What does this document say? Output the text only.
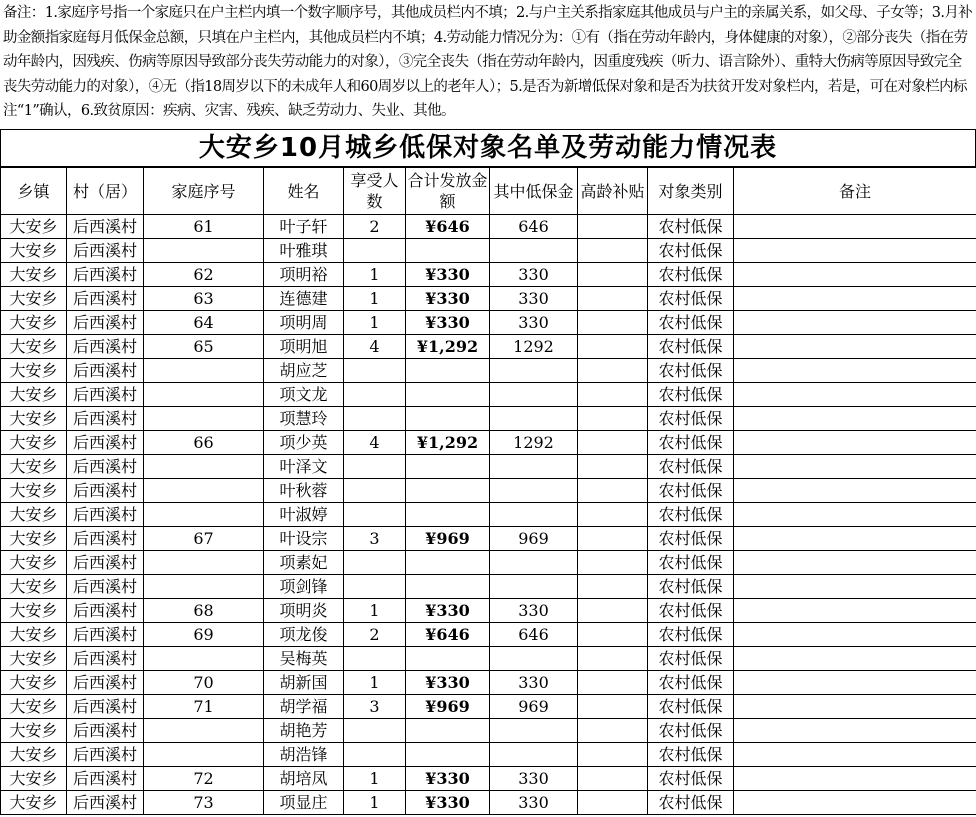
备注：1.家庭序号指一个家庭只在户主栏内填一个数字顺序号，其他成员栏内不填；2.与户主关系指家庭其他成员与户主的亲属关系，如父母、子女等；3.月补助金额指家庭每月低保金总额，只填在户主栏内，其他成员栏内不填；4.劳动能力情况分为：①有（指在劳动年龄内，身体健康的对象），②部分丧失（指在劳动年龄内，因残疾、伤病等原因导致部分丧失劳动能力的对象），③完全丧失（指在劳动年龄内，因重度残疾（听力、语言除外）、重特大伤病等原因导致完全丧失劳动能力的对象），④无（指18周岁以下的未成年人和60周岁以上的老年人）；5.是否为新增低保对象和是否为扶贫开发对象栏内，若是，可在对象栏内标注“1”确认，6.致贫原因：疾病、灾害、残疾、缺乏劳动力、失业、其他。
大安乡10月城乡低保对象名单及劳动能力情况表
乡镇	村（居）	家庭序号	姓名	享受人数	合计发放金额	其中低保金	高龄补贴	对象类别	备注
大安乡	后西溪村	61	叶子轩	2	¥646	646		农村低保	
大安乡	后西溪村		叶雅琪					农村低保	
大安乡	后西溪村	62	项明裕	1	¥330	330		农村低保	
大安乡	后西溪村	63	连德建	1	¥330	330		农村低保	
大安乡	后西溪村	64	项明周	1	¥330	330		农村低保	
大安乡	后西溪村	65	项明旭	4	¥1,292	1292		农村低保	
大安乡	后西溪村		胡应芝					农村低保	
大安乡	后西溪村		项文龙					农村低保	
大安乡	后西溪村		项慧玲					农村低保	
大安乡	后西溪村	66	项少英	4	¥1,292	1292		农村低保	
大安乡	后西溪村		叶泽文					农村低保	
大安乡	后西溪村		叶秋蓉					农村低保	
大安乡	后西溪村		叶淑婷					农村低保	
大安乡	后西溪村	67	叶设宗	3	¥969	969		农村低保	
大安乡	后西溪村		项素妃					农村低保	
大安乡	后西溪村		项剑锋					农村低保	
大安乡	后西溪村	68	项明炎	1	¥330	330		农村低保	
大安乡	后西溪村	69	项龙俊	2	¥646	646		农村低保	
大安乡	后西溪村		吴梅英					农村低保	
大安乡	后西溪村	70	胡新国	1	¥330	330		农村低保	
大安乡	后西溪村	71	胡学福	3	¥969	969		农村低保	
大安乡	后西溪村		胡艳芳					农村低保	
大安乡	后西溪村		胡浩锋					农村低保	
大安乡	后西溪村	72	胡培凤	1	¥330	330		农村低保	
大安乡	后西溪村	73	项显庄	1	¥330	330		农村低保	
